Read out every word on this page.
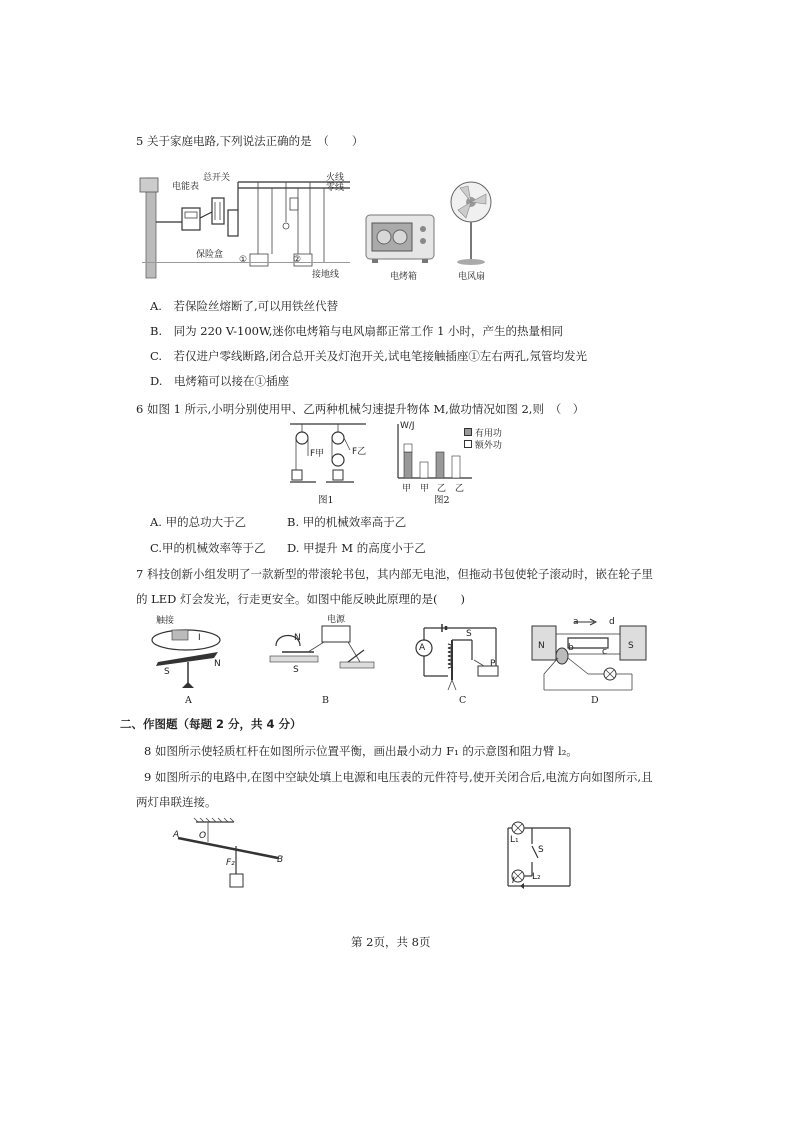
5 关于家庭电路,下列说法正确的是　（　　）
电能表
总开关
保险盒
火线
零线
①	②
接地线	电烤箱	电风扇
A.　若保险丝熔断了,可以用铁丝代替
B.　同为 220 V-100W,迷你电烤箱与电风扇都正常工作 1 小时，产生的热量相同
C.　若仅进户零线断路,闭合总开关及灯泡开关,试电笔接触插座①左右两孔,氖管均发光
D.　电烤箱可以接在①插座
6 如图 1 所示,小明分别使用甲、乙两种机械匀速提升物体 M,做功情况如图 2,则　（　）
F甲	F乙
图1
W/J
有用功
额外功
甲 甲 乙 乙
图2
A. 甲的总功大于乙	B. 甲的机械效率高于乙
C.甲的机械效率等于乙 D. 甲提升 M 的高度小于乙
7 科技创新小组发明了一款新型的带滚轮书包，其内部无电池，但拖动书包使轮子滚动时，嵌在轮子里
的 LED 灯会发光，行走更安全。如图中能反映此原理的是(　　)
触接
S
N
I
A
电源
N
S
B
A
S
P
C
N	S
a
b	c
d
D
二、作图题（每题 2 分，共 4 分）
8 如图所示使轻质杠杆在如图所示位置平衡，画出最小动力 F₁ 的示意图和阻力臂 l₂。
9 如图所示的电路中,在图中空缺处填上电源和电压表的元件符号,使开关闭合后,电流方向如图所示,且
两灯串联连接。
A O
B
F₂
L₁
S
L₂
I
第 2页，共 8页
